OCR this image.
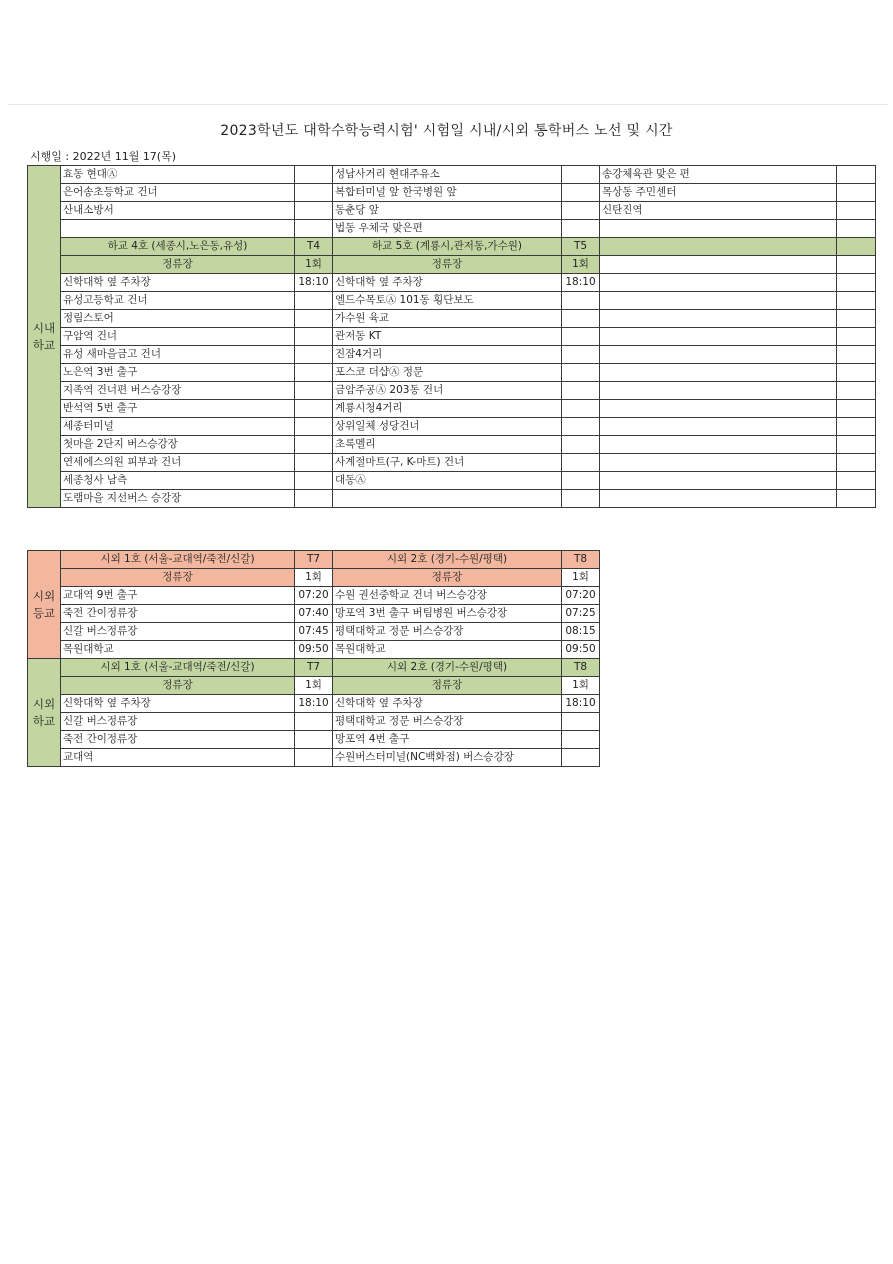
2023학년도 대학수학능력시험' 시험일 시내/시외 통학버스 노선 및 시간
시행일 : 2022년 11월 17(목)
시내
하교	효동 현대Ⓐ		성남사거리 현대주유소		송강체육관 맞은 편	
	은어송초등학교 건너		복합터미널 앞 한국병원 앞		목상동 주민센터	
	산내소방서		동춘당 앞		신탄진역	
			법동 우체국 맞은편			
	하교 4호 (세종시,노은동,유성)	T4	하교 5호 (계룡시,관저동,가수원)	T5		
	정류장	1회	정류장	1회		
	신학대학 옆 주차장	18:10	신학대학 옆 주차장	18:10		
	유성고등학교 건너		엘드수목토Ⓐ 101동 횡단보도			
	정림스토어		가수원 육교			
	구암역 건너		관저동 KT			
	유성 새마을금고 건너		진잠4거리			
	노은역 3번 출구		포스코 더샵Ⓐ 정문			
	지족역 건너편 버스승강장		금암주공Ⓐ 203동 건너			
	반석역 5번 출구		계룡시청4거리			
	세종터미널		상위일체 성당건너			
	첫마을 2단지 버스승강장		초록멜리			
	연세에스의원 피부과 건너		사계절마트(구, K-마트) 건너			
	세종청사 남측		대동Ⓐ			
	도램마을 지선버스 승강장					
시외
등교	시외 1호 (서울-교대역/죽전/신갈)	T7	시외 2호 (경기-수원/평택)	T8
	정류장	1회	정류장	1회
	교대역 9번 출구	07:20	수원 권선중학교 건너 버스승강장	07:20
	죽전 간이정류장	07:40	망포역 3번 출구 버팀병원 버스승강장	07:25
	신갈 버스정류장	07:45	평택대학교 정문 버스승강장	08:15
	목원대학교	09:50	목원대학교	09:50
시외
하교	시외 1호 (서울-교대역/죽전/신갈)	T7	시외 2호 (경기-수원/평택)	T8
	정류장	1회	정류장	1회
	신학대학 옆 주차장	18:10	신학대학 옆 주차장	18:10
	신갈 버스정류장		평택대학교 정문 버스승강장	
	죽전 간이정류장		망포역 4번 출구	
	교대역		수원버스터미널(NC백화점) 버스승강장	
